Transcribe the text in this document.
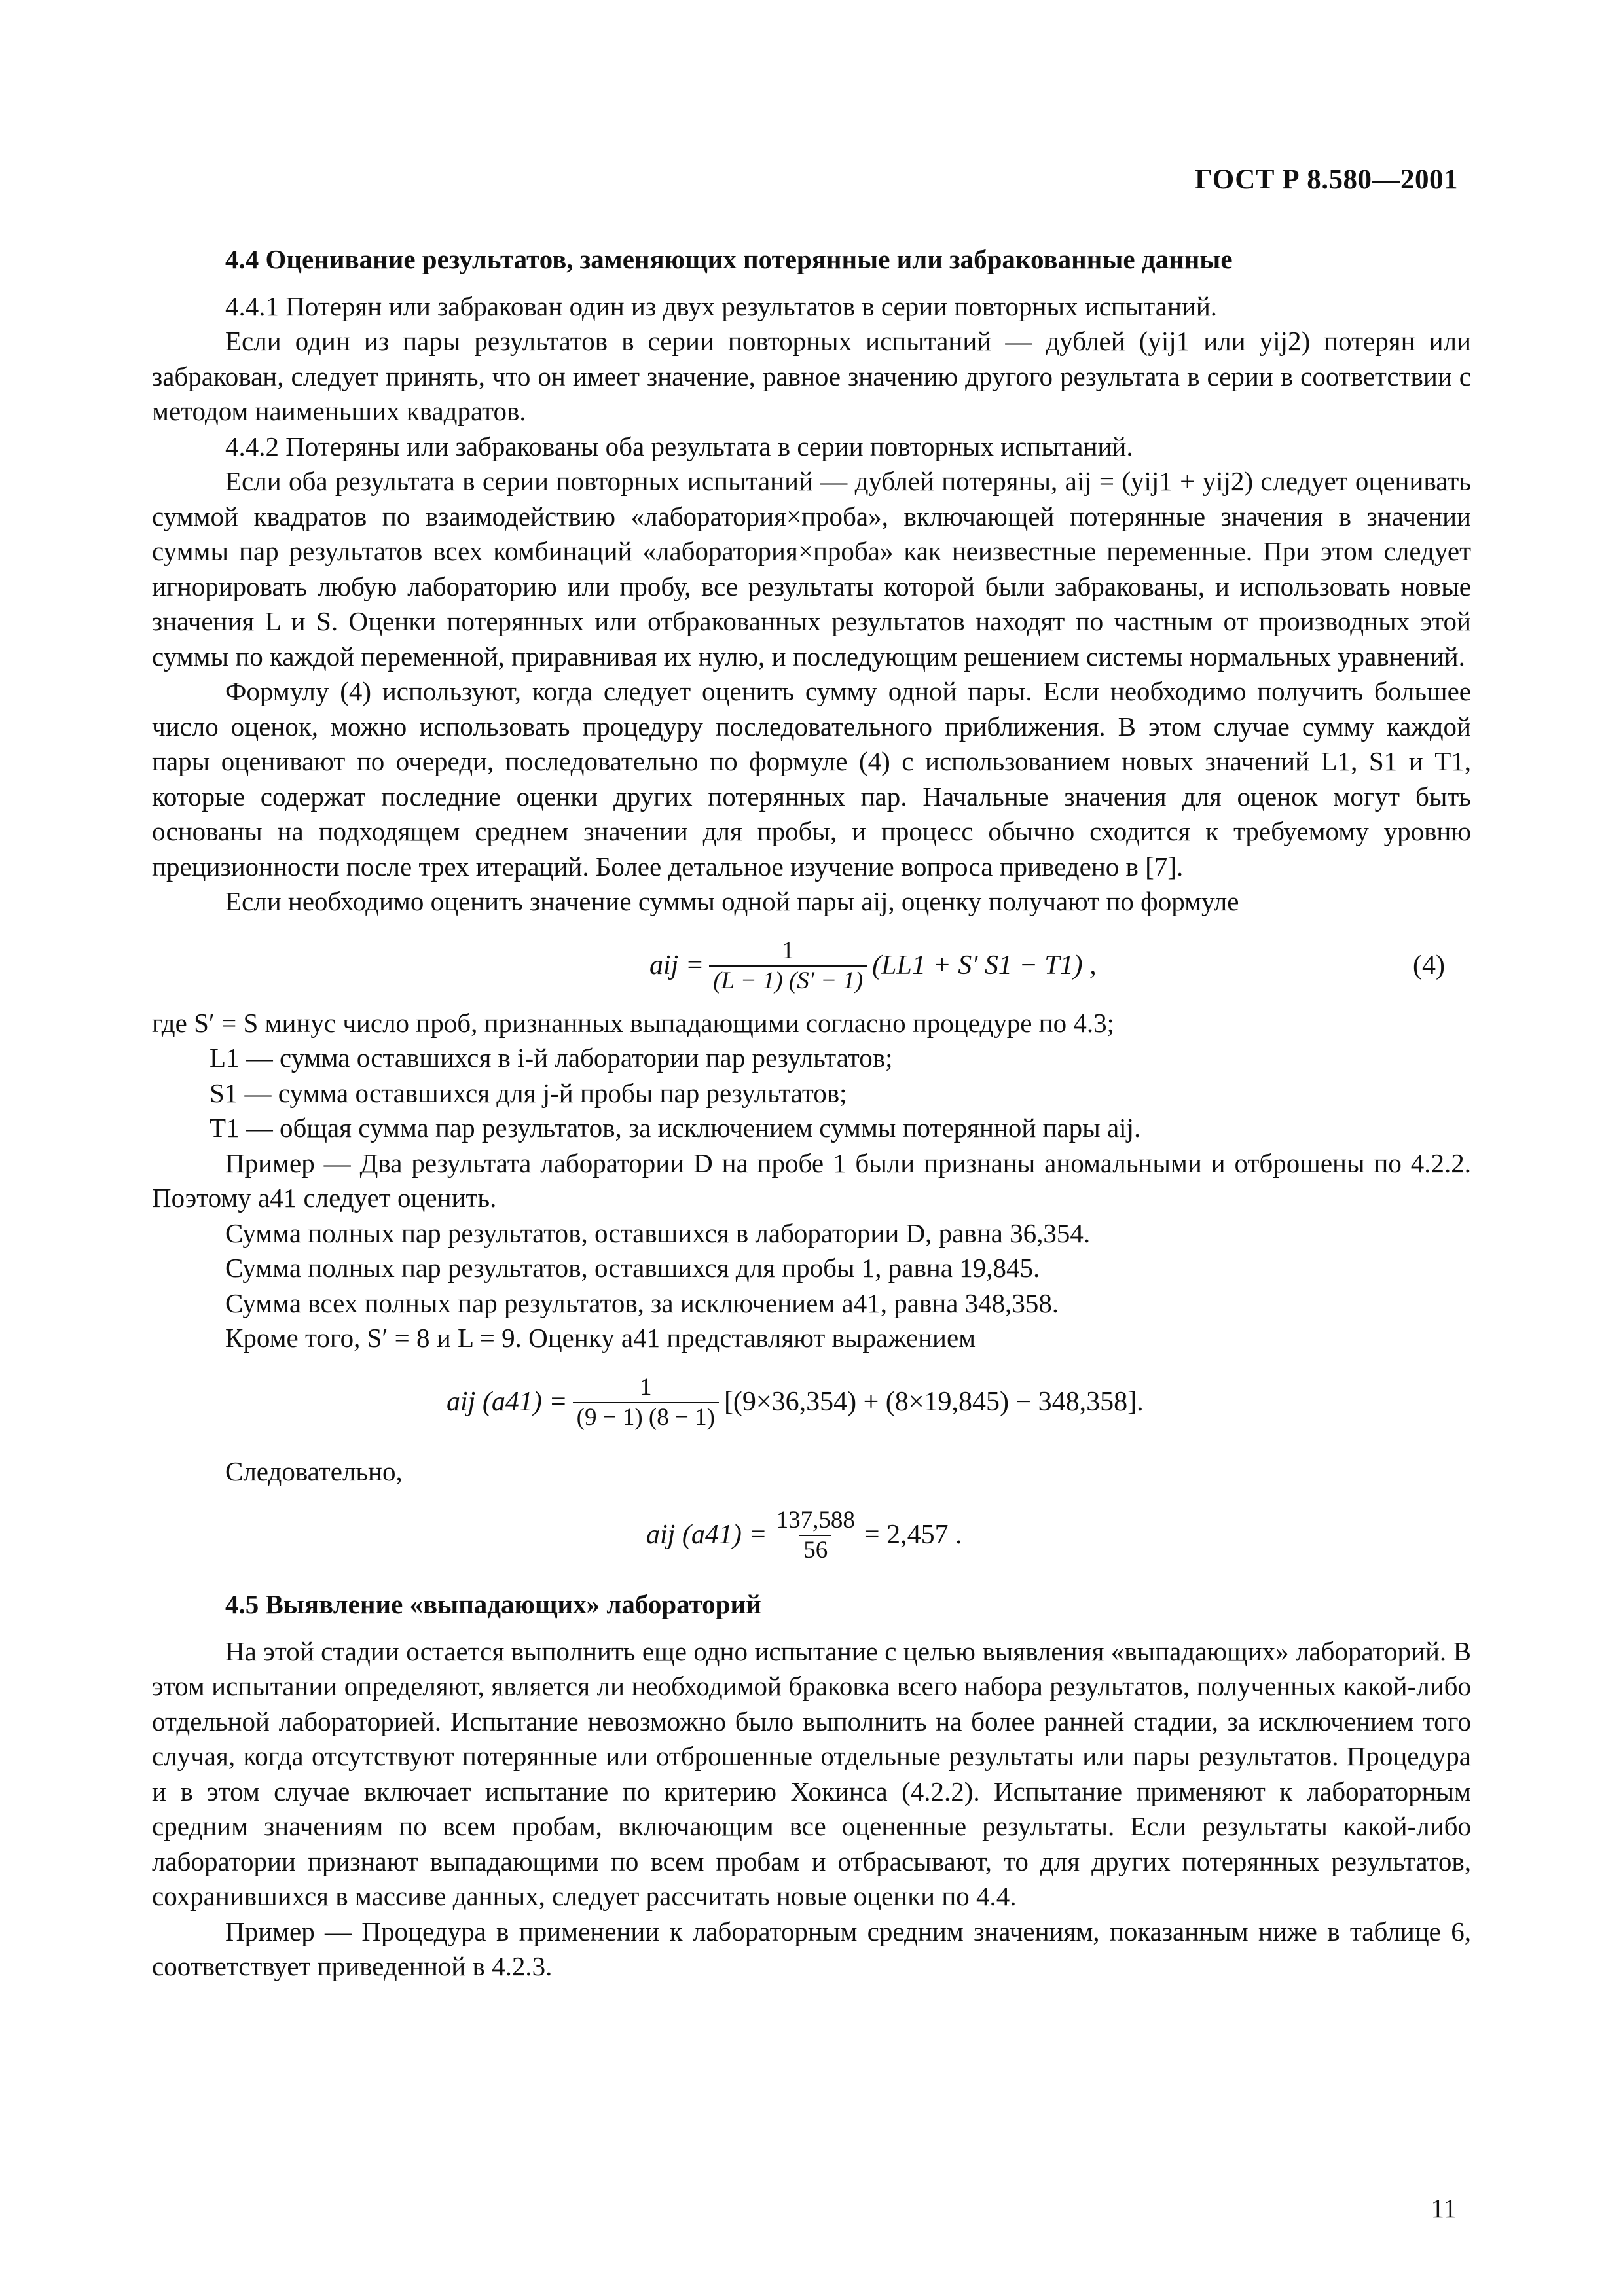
ГОСТ Р 8.580—2001

4.4 Оценивание результатов, заменяющих потерянные или забракованные данные

4.4.1 Потерян или забракован один из двух результатов в серии повторных испытаний.

Если один из пары результатов в серии повторных испытаний — дублей (yij1 или yij2) потерян или забракован, следует принять, что он имеет значение, равное значению другого результата в серии в соответствии с методом наименьших квадратов.

4.4.2 Потеряны или забракованы оба результата в серии повторных испытаний.

Если оба результата в серии повторных испытаний — дублей потеряны, aij = (yij1 + yij2) следует оценивать суммой квадратов по взаимодействию «лаборатория×проба», включающей потерянные значения в значении суммы пар результатов всех комбинаций «лаборатория×проба» как неизвестные переменные. При этом следует игнорировать любую лабораторию или пробу, все результаты которой были забракованы, и использовать новые значения L и S. Оценки потерянных или отбракованных результатов находят по частным от производных этой суммы по каждой переменной, приравнивая их нулю, и последующим решением системы нормальных уравнений.

Формулу (4) используют, когда следует оценить сумму одной пары. Если необходимо получить большее число оценок, можно использовать процедуру последовательного приближения. В этом случае сумму каждой пары оценивают по очереди, последовательно по формуле (4) с использованием новых значений L1, S1 и T1, которые содержат последние оценки других потерянных пар. Начальные значения для оценок могут быть основаны на подходящем среднем значении для пробы, и процесс обычно сходится к требуемому уровню прецизионности после трех итераций. Более детальное изучение вопроса приведено в [7].

Если необходимо оценить значение суммы одной пары aij, оценку получают по формуле

aij = $\frac{1}{(L - 1) (S' - 1)} (LL1 + S'$ S1 − T1) ,	(4)

где S′ = S минус число проб, признанных выпадающими согласно процедуре по 4.3;

L1 — сумма оставшихся в i-й лаборатории пар результатов;

S1 — сумма оставшихся для j-й пробы пар результатов;

T1 — общая сумма пар результатов, за исключением суммы потерянной пары aij.

Пример — Два результата лаборатории D на пробе 1 были признаны аномальными и отброшены по 4.2.2. Поэтому a41 следует оценить.

Сумма полных пар результатов, оставшихся в лаборатории D, равна 36,354.

Сумма полных пар результатов, оставшихся для пробы 1, равна 19,845.

Сумма всех полных пар результатов, за исключением a41, равна 348,358.

Кроме того, S′ = 8 и L = 9. Оценку a41 представляют выражением

aij $(a41) = \frac{1}{(9 - 1) (8 - 1)} [(9\times 36,354) + (8\times 19,845) - 348,358]$.

Следовательно,

aij $(a41) = \frac{137,588}{56} = 2,457$ .

4.5 Выявление «выпадающих» лабораторий

На этой стадии остается выполнить еще одно испытание с целью выявления «выпадающих» лабораторий. В этом испытании определяют, является ли необходимой браковка всего набора результатов, полученных какой-либо отдельной лабораторией. Испытание невозможно было выполнить на более ранней стадии, за исключением того случая, когда отсутствуют потерянные или отброшенные отдельные результаты или пары результатов. Процедура и в этом случае включает испытание по критерию Хокинса (4.2.2). Испытание применяют к лабораторным средним значениям по всем пробам, включающим все оцененные результаты. Если результаты какой-либо лаборатории признают выпадающими по всем пробам и отбрасывают, то для других потерянных результатов, сохранившихся в массиве данных, следует рассчитать новые оценки по 4.4.

Пример — Процедура в применении к лабораторным средним значениям, показанным ниже в таблице 6, соответствует приведенной в 4.2.3.

11
